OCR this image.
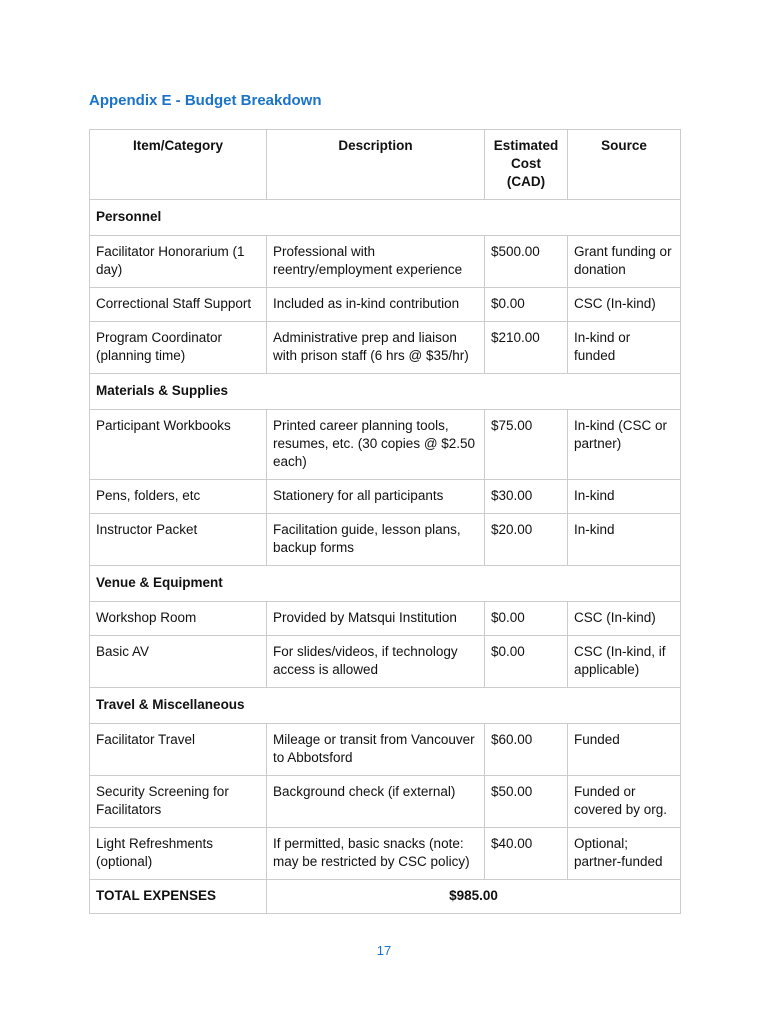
Appendix E - Budget Breakdown
Item/Category	Description	Estimated Cost (CAD)	Source
Personnel			
Facilitator Honorarium (1 day)	Professional with reentry/employment experience	$500.00	Grant funding or donation
Correctional Staff Support	Included as in-kind contribution	$0.00	CSC (In-kind)
Program Coordinator (planning time)	Administrative prep and liaison with prison staff (6 hrs @ $35/hr)	$210.00	In-kind or funded
Materials & Supplies			
Participant Workbooks	Printed career planning tools, resumes, etc. (30 copies @ $2.50 each)	$75.00	In-kind (CSC or partner)
Pens, folders, etc	Stationery for all participants	$30.00	In-kind
Instructor Packet	Facilitation guide, lesson plans, backup forms	$20.00	In-kind
Venue & Equipment			
Workshop Room	Provided by Matsqui Institution	$0.00	CSC (In-kind)
Basic AV	For slides/videos, if technology access is allowed	$0.00	CSC (In-kind, if applicable)
Travel & Miscellaneous			
Facilitator Travel	Mileage or transit from Vancouver to Abbotsford	$60.00	Funded
Security Screening for Facilitators	Background check (if external)	$50.00	Funded or covered by org.
Light Refreshments (optional)	If permitted, basic snacks (note: may be restricted by CSC policy)	$40.00	Optional; partner-funded
TOTAL EXPENSES	$985.00		
17
